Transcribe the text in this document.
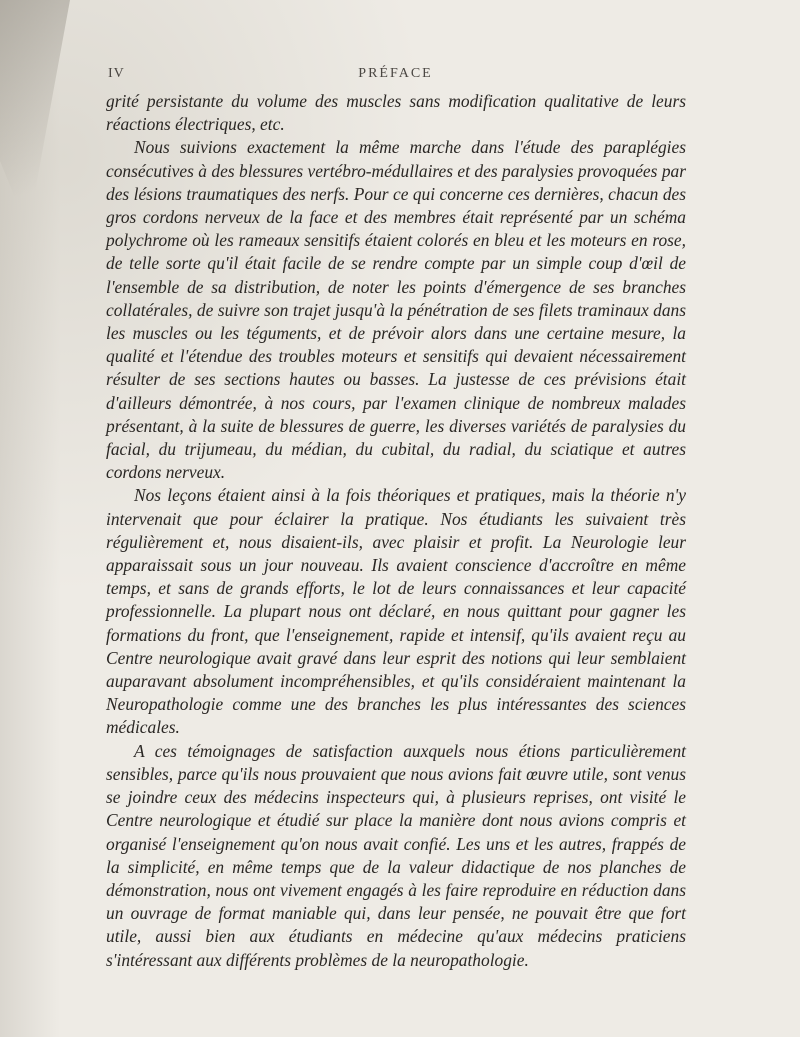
IV	PRÉFACE

grité persistante du volume des muscles sans modification qualitative de leurs réactions électriques, etc.

Nous suivions exactement la même marche dans l'étude des paraplégies consécutives à des blessures vertébro-médullaires et des paralysies provoquées par des lésions traumatiques des nerfs. Pour ce qui concerne ces dernières, chacun des gros cordons nerveux de la face et des membres était représenté par un schéma polychrome où les rameaux sensitifs étaient colorés en bleu et les moteurs en rose, de telle sorte qu'il était facile de se rendre compte par un simple coup d'œil de l'ensemble de sa distribution, de noter les points d'émergence de ses branches collatérales, de suivre son trajet jusqu'à la pénétration de ses filets traminaux dans les muscles ou les téguments, et de prévoir alors dans une certaine mesure, la qualité et l'étendue des troubles moteurs et sensitifs qui devaient nécessairement résulter de ses sections hautes ou basses. La justesse de ces prévisions était d'ailleurs démontrée, à nos cours, par l'examen clinique de nombreux malades présentant, à la suite de blessures de guerre, les diverses variétés de paralysies du facial, du trijumeau, du médian, du cubital, du radial, du sciatique et autres cordons nerveux.

Nos leçons étaient ainsi à la fois théoriques et pratiques, mais la théorie n'y intervenait que pour éclairer la pratique. Nos étudiants les suivaient très régulièrement et, nous disaient-ils, avec plaisir et profit. La Neurologie leur apparaissait sous un jour nouveau. Ils avaient conscience d'accroître en même temps, et sans de grands efforts, le lot de leurs connaissances et leur capacité professionnelle. La plupart nous ont déclaré, en nous quittant pour gagner les formations du front, que l'enseignement, rapide et intensif, qu'ils avaient reçu au Centre neurologique avait gravé dans leur esprit des notions qui leur semblaient auparavant absolument incompréhensibles, et qu'ils considéraient maintenant la Neuropathologie comme une des branches les plus intéressantes des sciences médicales.

A ces témoignages de satisfaction auxquels nous étions particulièrement sensibles, parce qu'ils nous prouvaient que nous avions fait œuvre utile, sont venus se joindre ceux des médecins inspecteurs qui, à plusieurs reprises, ont visité le Centre neurologique et étudié sur place la manière dont nous avions compris et organisé l'enseignement qu'on nous avait confié. Les uns et les autres, frappés de la simplicité, en même temps que de la valeur didactique de nos planches de démonstration, nous ont vivement engagés à les faire reproduire en réduction dans un ouvrage de format maniable qui, dans leur pensée, ne pouvait être que fort utile, aussi bien aux étudiants en médecine qu'aux médecins praticiens s'intéressant aux différents problèmes de la neuropathologie.
